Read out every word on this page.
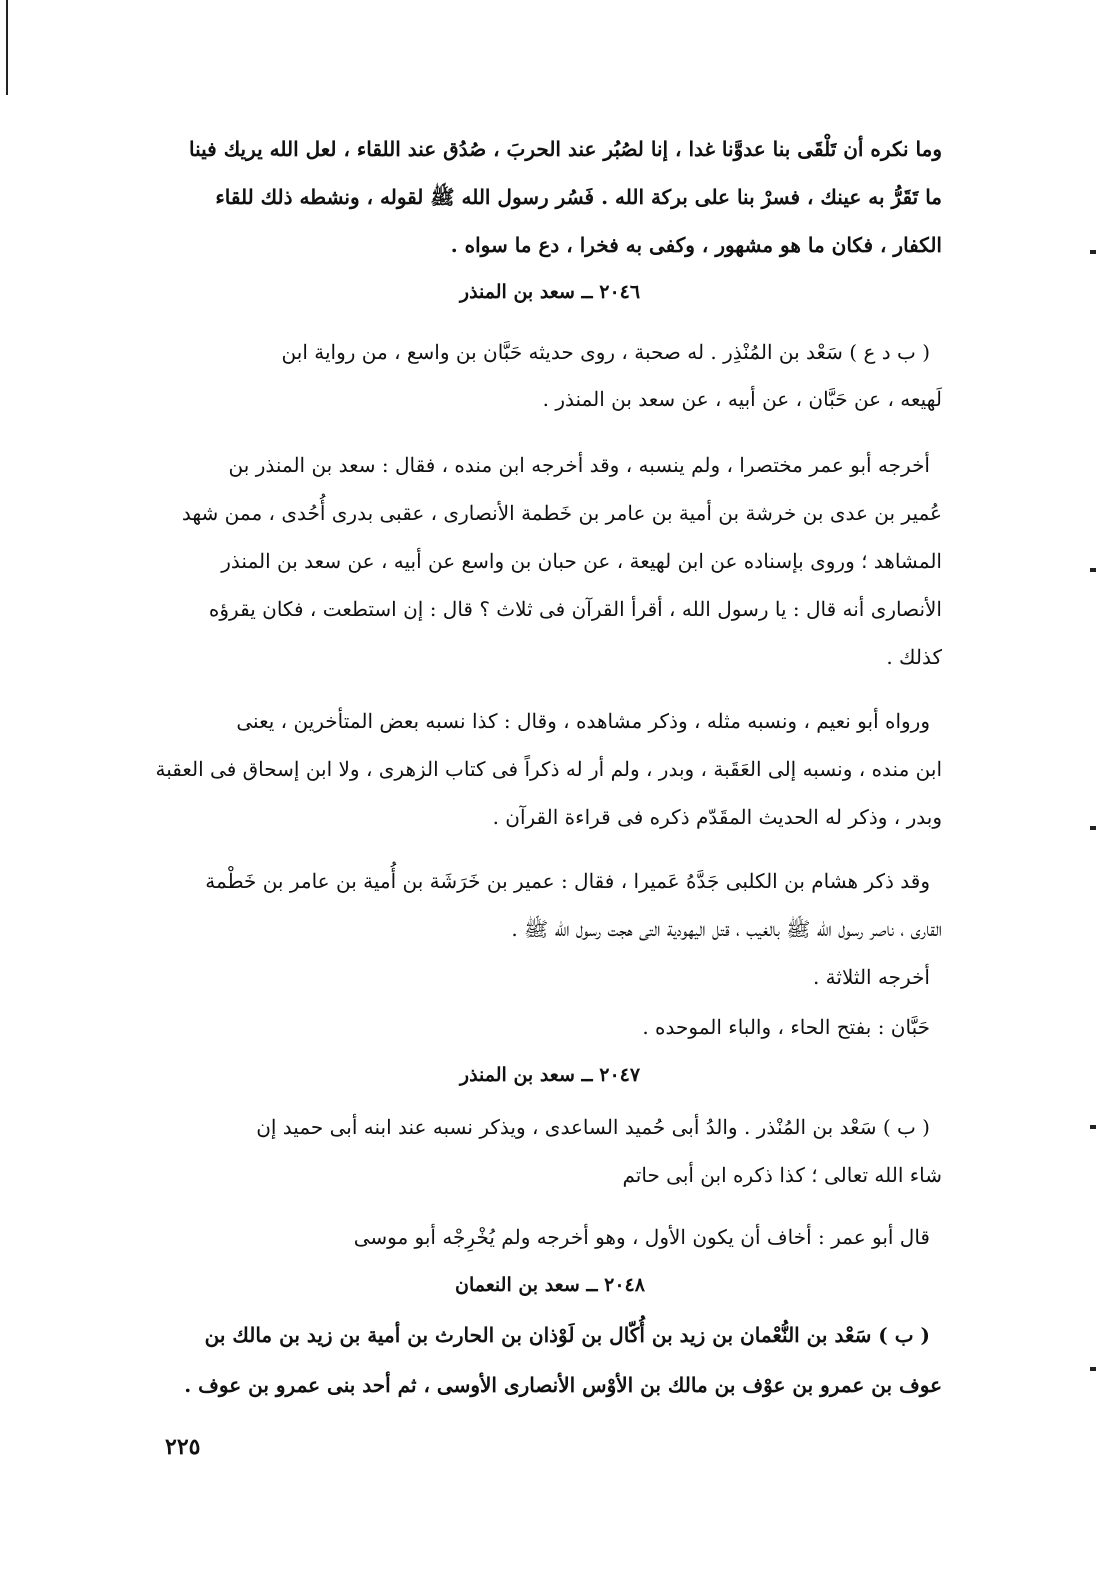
وما نكره أن تَلْقَى بنا عدوَّنا غدا ، إنا لصُبُر عند الحربَ ، صُدُق عند اللقاء ، لعل الله يريك فينا
ما تَقَرُّ به عينك ، فسرْ بنا على بركة الله . فَسُر رسول الله ﷺ لقوله ، ونشطه ذلك للقاء
الكفار ، فكان ما هو مشهور ، وكفى به فخرا ، دع ما سواه .
٢٠٤٦ ــ سعد بن المنذر
( ب د ع ) سَعْد بن المُنْذِر . له صحبة ، روى حديثه حَبَّان بن واسع ، من رواية ابن
لَهيعه ، عن حَبَّان ، عن أبيه ، عن سعد بن المنذر .
أخرجه أبو عمر مختصرا ، ولم ينسبه ، وقد أخرجه ابن منده ، فقال : سعد بن المنذر بن
عُمير بن عدى بن خرشة بن أمية بن عامر بن خَطمة الأنصارى ، عقبى بدرى أُحُدى ، ممن شهد
المشاهد ؛ وروى بإسناده عن ابن لهيعة ، عن حبان بن واسع عن أبيه ، عن سعد بن المنذر
الأنصارى أنه قال : يا رسول الله ، أقرأ القرآن فى ثلاث ؟ قال : إن استطعت ، فكان يقرؤه
كذلك .
ورواه أبو نعيم ، ونسبه مثله ، وذكر مشاهده ، وقال : كذا نسبه بعض المتأخرين ، يعنى
ابن منده ، ونسبه إلى العَقَبة ، وبدر ، ولم أر له ذكراً فى كتاب الزهرى ، ولا ابن إسحاق فى العقبة
وبدر ، وذكر له الحديث المقَدّم ذكره فى قراءة القرآن .
وقد ذكر هشام بن الكلبى جَدَّهُ عَميرا ، فقال : عمير بن خَرَشَة بن أُمية بن عامر بن خَطْمة
القارى ، ناصر رسول الله ﷺ بالغيب ، قتل اليهودية التى هجت رسول الله ﷺ .
أخرجه الثلاثة .
حَبَّان : بفتح الحاء ، والباء الموحده .
٢٠٤٧ ــ سعد بن المنذر
( ب ) سَعْد بن المُنْذر . والدُ أبى حُميد الساعدى ، ويذكر نسبه عند ابنه أبى حميد إن
شاء الله تعالى ؛ كذا ذكره ابن أبى حاتم
قال أبو عمر : أخاف أن يكون الأول ، وهو أخرجه ولم يُخْرِجْه أبو موسى
٢٠٤٨ ــ سعد بن النعمان
( ب ) سَعْد بن النُّعْمان بن زيد بن أُكّال بن لَوْذان بن الحارث بن أمية بن زيد بن مالك بن
عوف بن عمرو بن عوْف بن مالك بن الأوْس الأنصارى الأوسى ، ثم أحد بنى عمرو بن عوف .
٢٢٥
